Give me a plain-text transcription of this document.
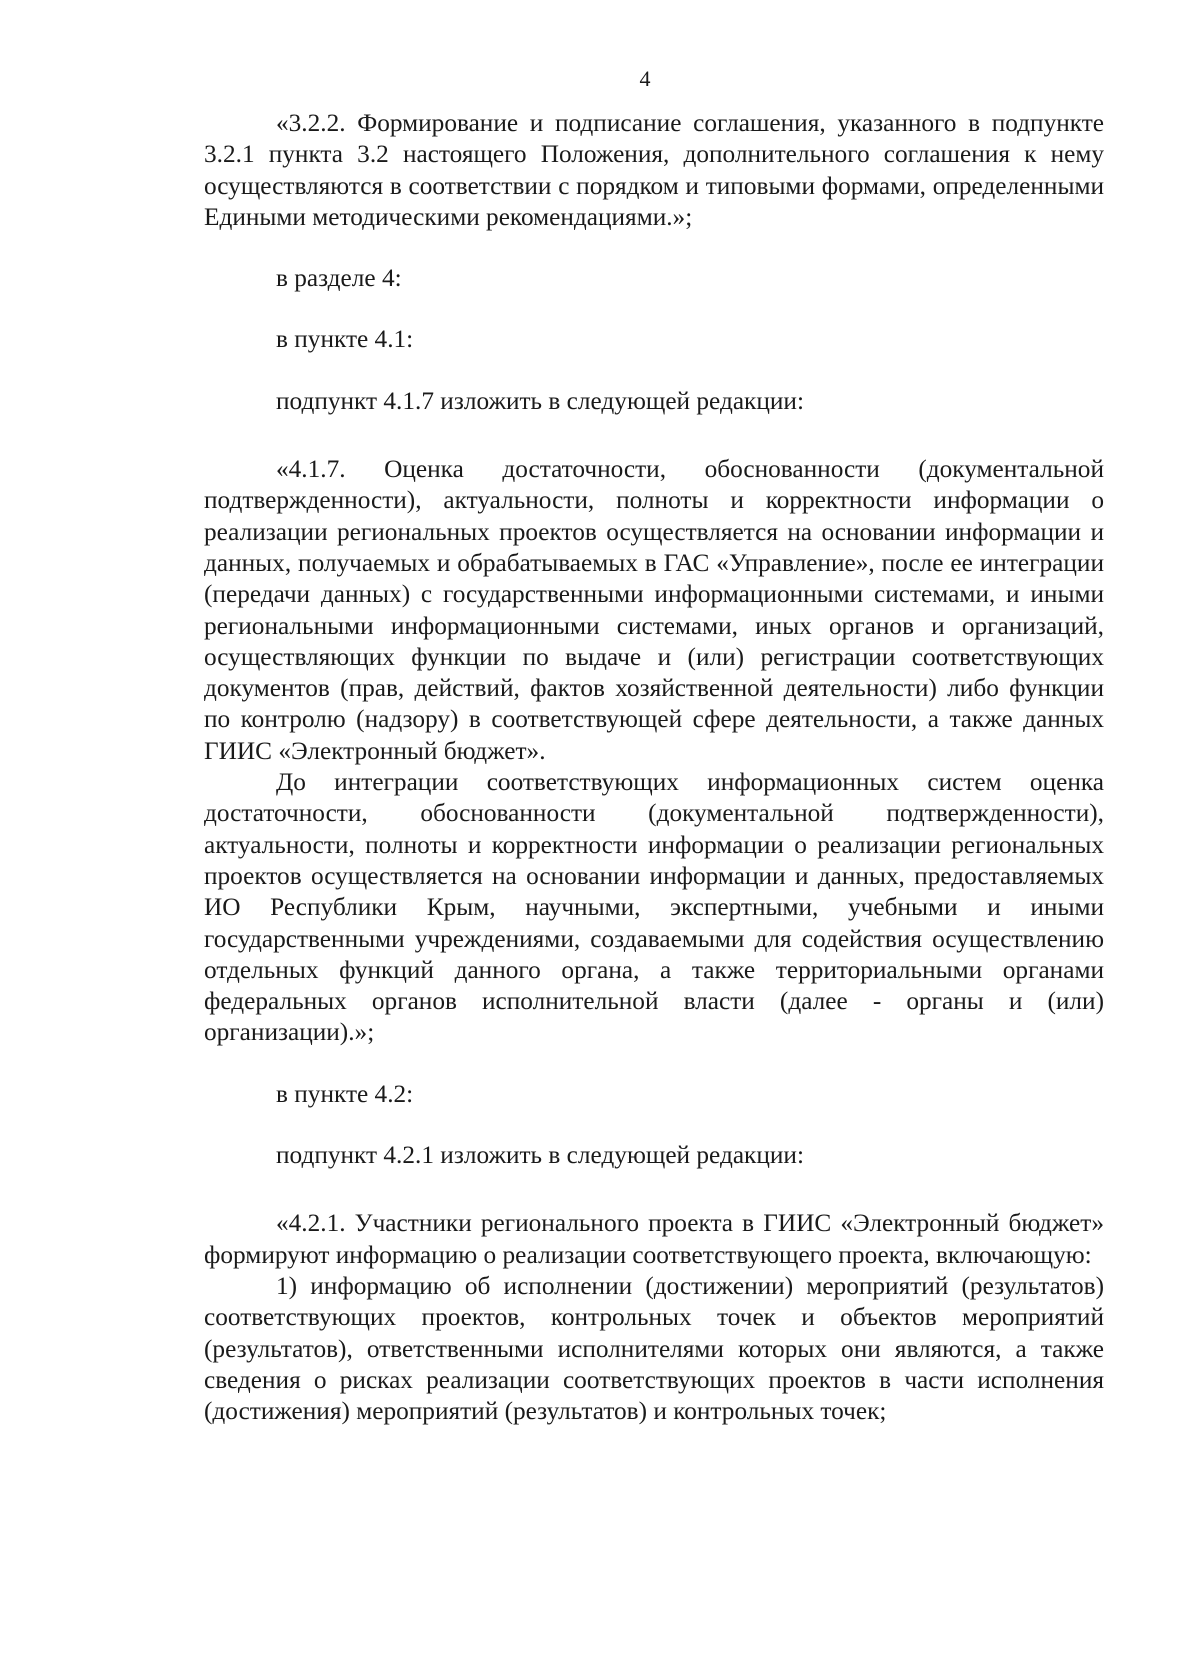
4

«3.2.2. Формирование и подписание соглашения, указанного в подпункте 3.2.1 пункта 3.2 настоящего Положения, дополнительного соглашения к нему осуществляются в соответствии с порядком и типовыми формами, определенными Едиными методическими рекомендациями.»;

в разделе 4:

в пункте 4.1:

подпункт 4.1.7 изложить в следующей редакции:

«4.1.7. Оценка достаточности, обоснованности (документальной подтвержденности), актуальности, полноты и корректности информации о реализации региональных проектов осуществляется на основании информации и данных, получаемых и обрабатываемых в ГАС «Управление», после ее интеграции (передачи данных) с государственными информационными системами, и иными региональными информационными системами, иных органов и организаций, осуществляющих функции по выдаче и (или) регистрации соответствующих документов (прав, действий, фактов хозяйственной деятельности) либо функции по контролю (надзору) в соответствующей сфере деятельности, а также данных ГИИС «Электронный бюджет».

До интеграции соответствующих информационных систем оценка достаточности, обоснованности (документальной подтвержденности), актуальности, полноты и корректности информации о реализации региональных проектов осуществляется на основании информации и данных, предоставляемых ИО Республики Крым, научными, экспертными, учебными и иными государственными учреждениями, создаваемыми для содействия осуществлению отдельных функций данного органа, а также территориальными органами федеральных органов исполнительной власти (далее - органы и (или) организации).»;

в пункте 4.2:

подпункт 4.2.1 изложить в следующей редакции:

«4.2.1. Участники регионального проекта в ГИИС «Электронный бюджет» формируют информацию о реализации соответствующего проекта, включающую:

1) информацию об исполнении (достижении) мероприятий (результатов) соответствующих проектов, контрольных точек и объектов мероприятий (результатов), ответственными исполнителями которых они являются, а также сведения о рисках реализации соответствующих проектов в части исполнения (достижения) мероприятий (результатов) и контрольных точек;
